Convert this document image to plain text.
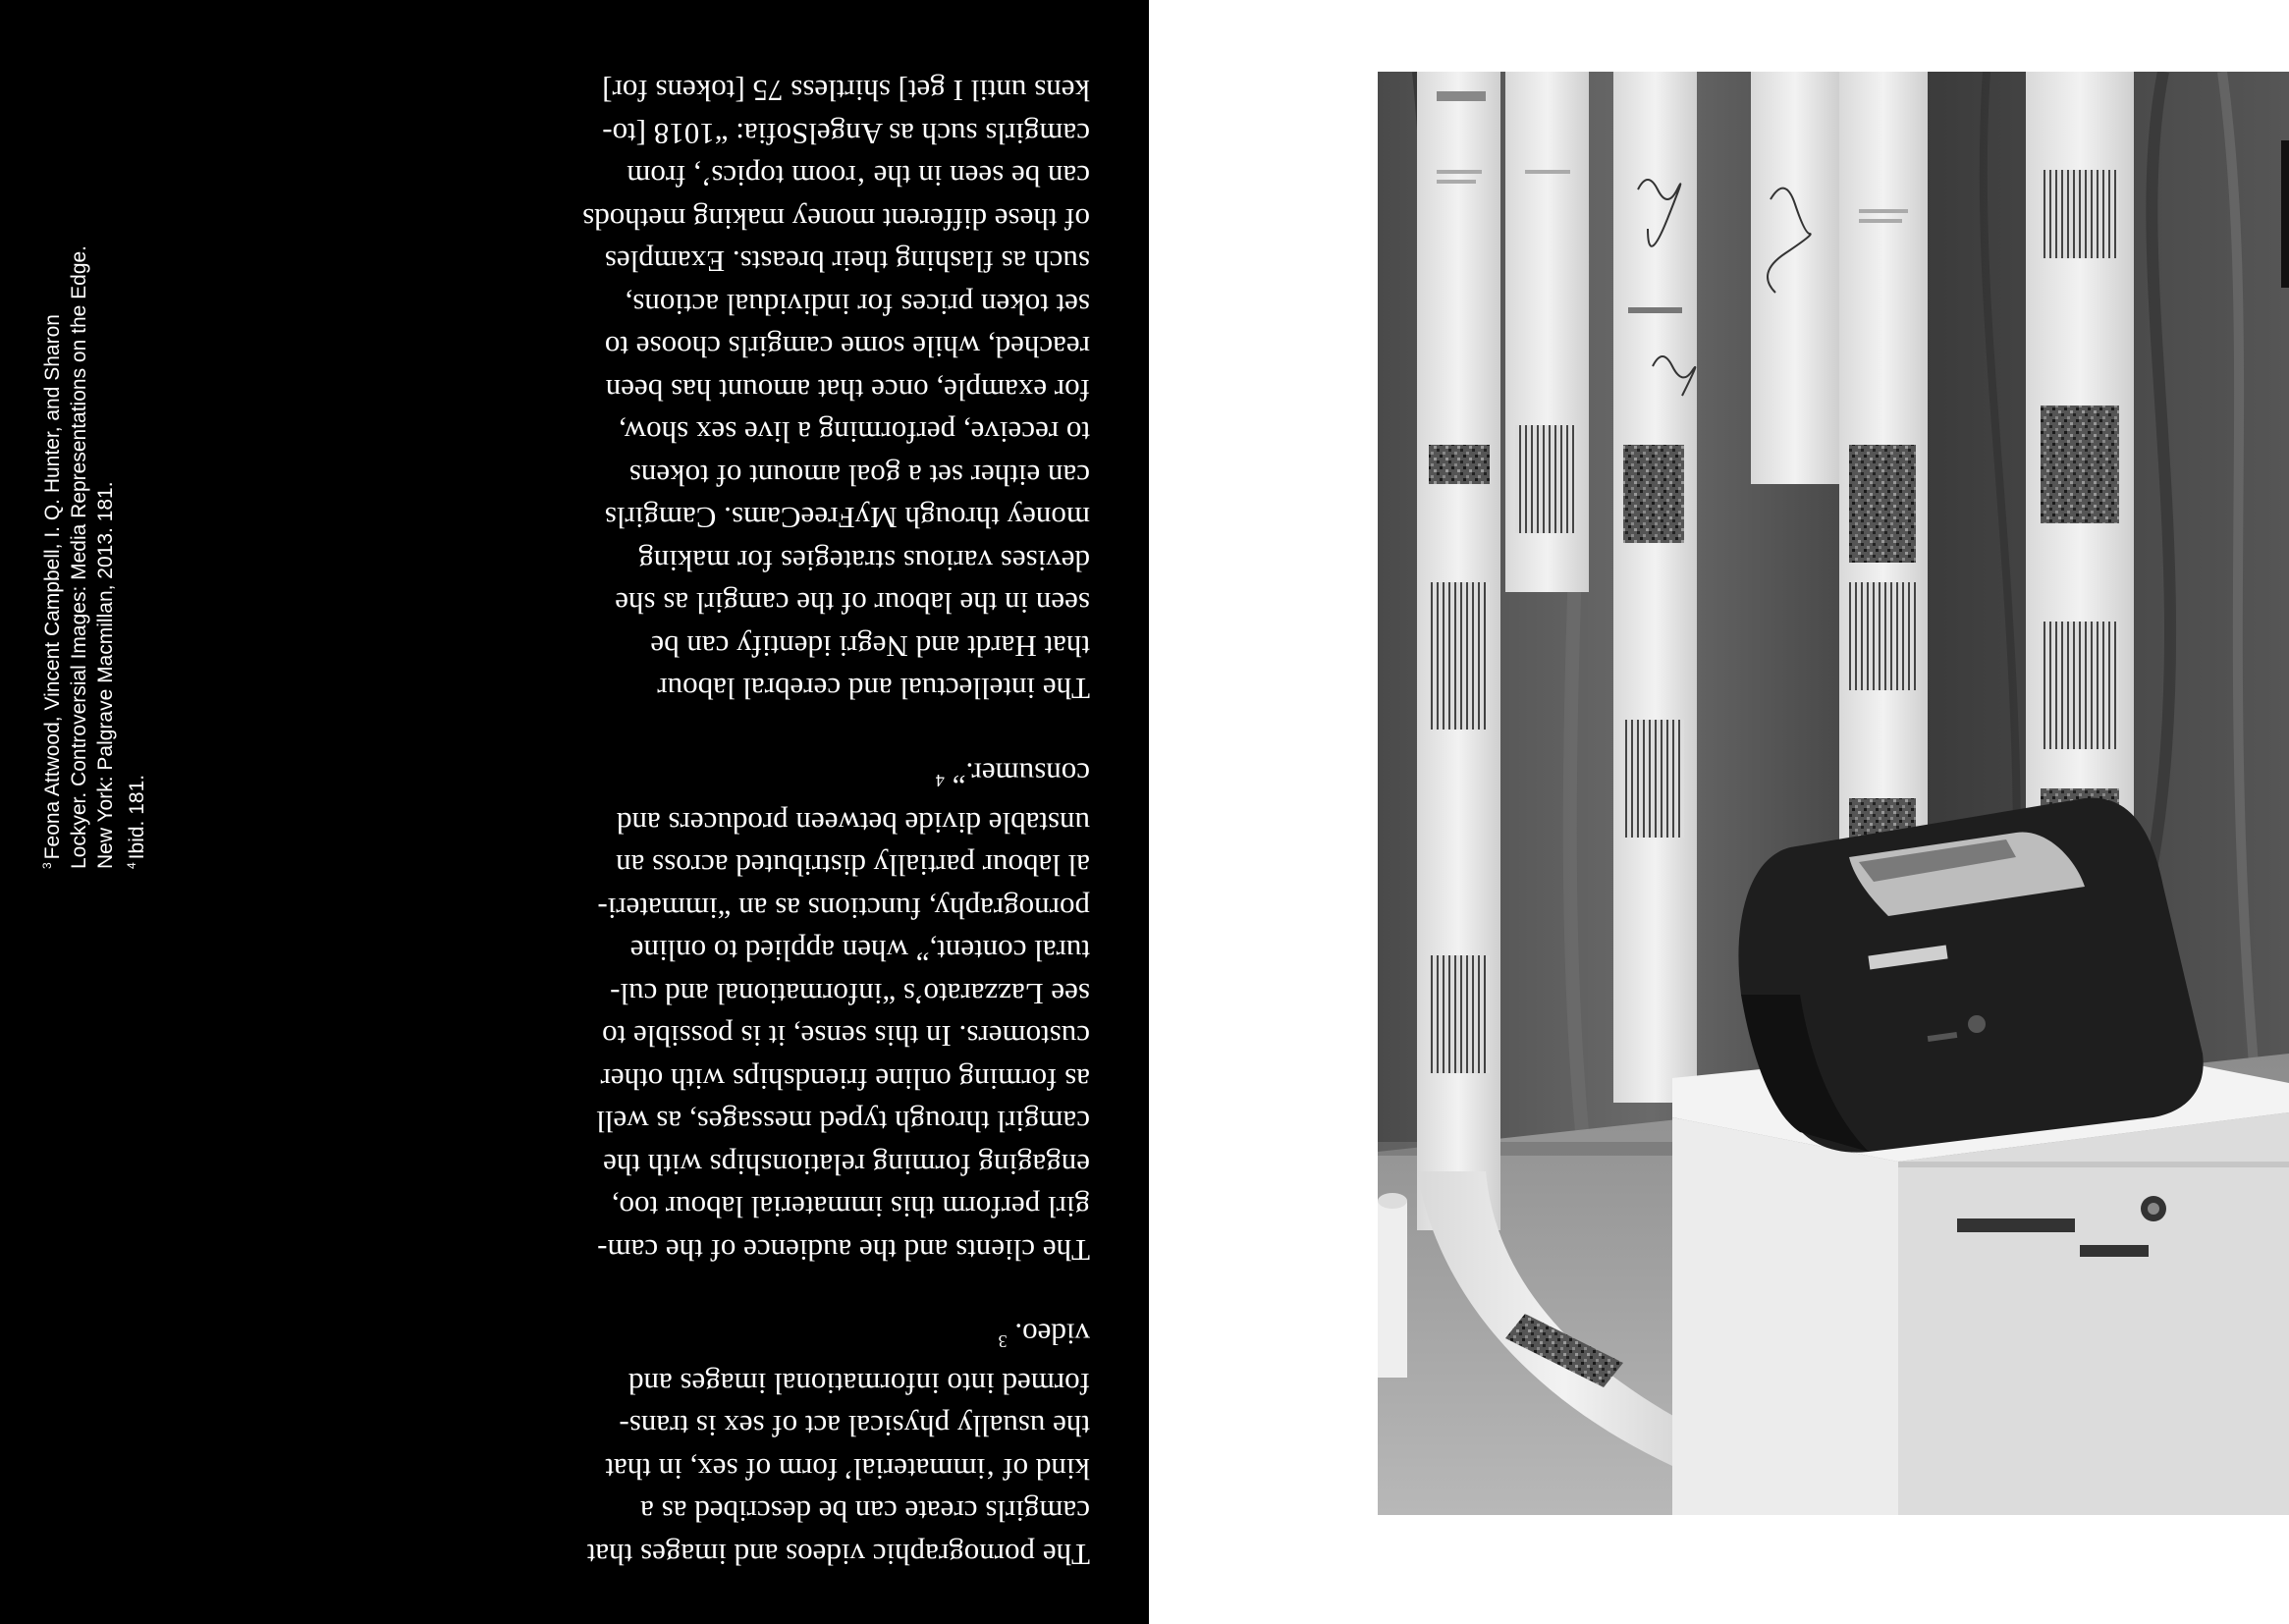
The pornographic videos and images that
camgirls create can be described as a
kind of ‘immaterial’ form of sex, in that
the usually physical act of sex is trans-
formed into informational images and
video. $^3$

The clients and the audience of the cam-
girl perform this immaterial labour too,
engaging forming relationships with the
camgirl through typed messages, as well
as forming online friendships with other
customers. In this sense, it is possible to
see Lazzarato’s “informational and cul-
tural content,” when applied to online
pornography, functions as an “immateri-
al labour partially distributed across an
unstable divide between producers and
consumer.” $^4$

The intellectual and cerebral labour
that Hardt and Negri identify can be
seen in the labour of the camgirl as she
devises various strategies for making
money through MyFreeCams. Camgirls
can either set a goal amount of tokens
to receive, performing a live sex show,
for example, once that amount has been
reached, while some camgirls choose to
set token prices for individual actions,
such as flashing their breasts. Examples
of these different money making methods
can be seen in the ‘room topics’, from
camgirls such as AngelSofia: “1018 [to-
kens until I get] shirtless 75 [tokens for]

$^3$Feona Attwood, Vincent Campbell, I. Q. Hunter, and Sharon
Lockyer. Controversial Images: Media Representations on the Edge.
New York: Palgrave Macmillan, 2013. 181.
$^4$Ibid. 181.
